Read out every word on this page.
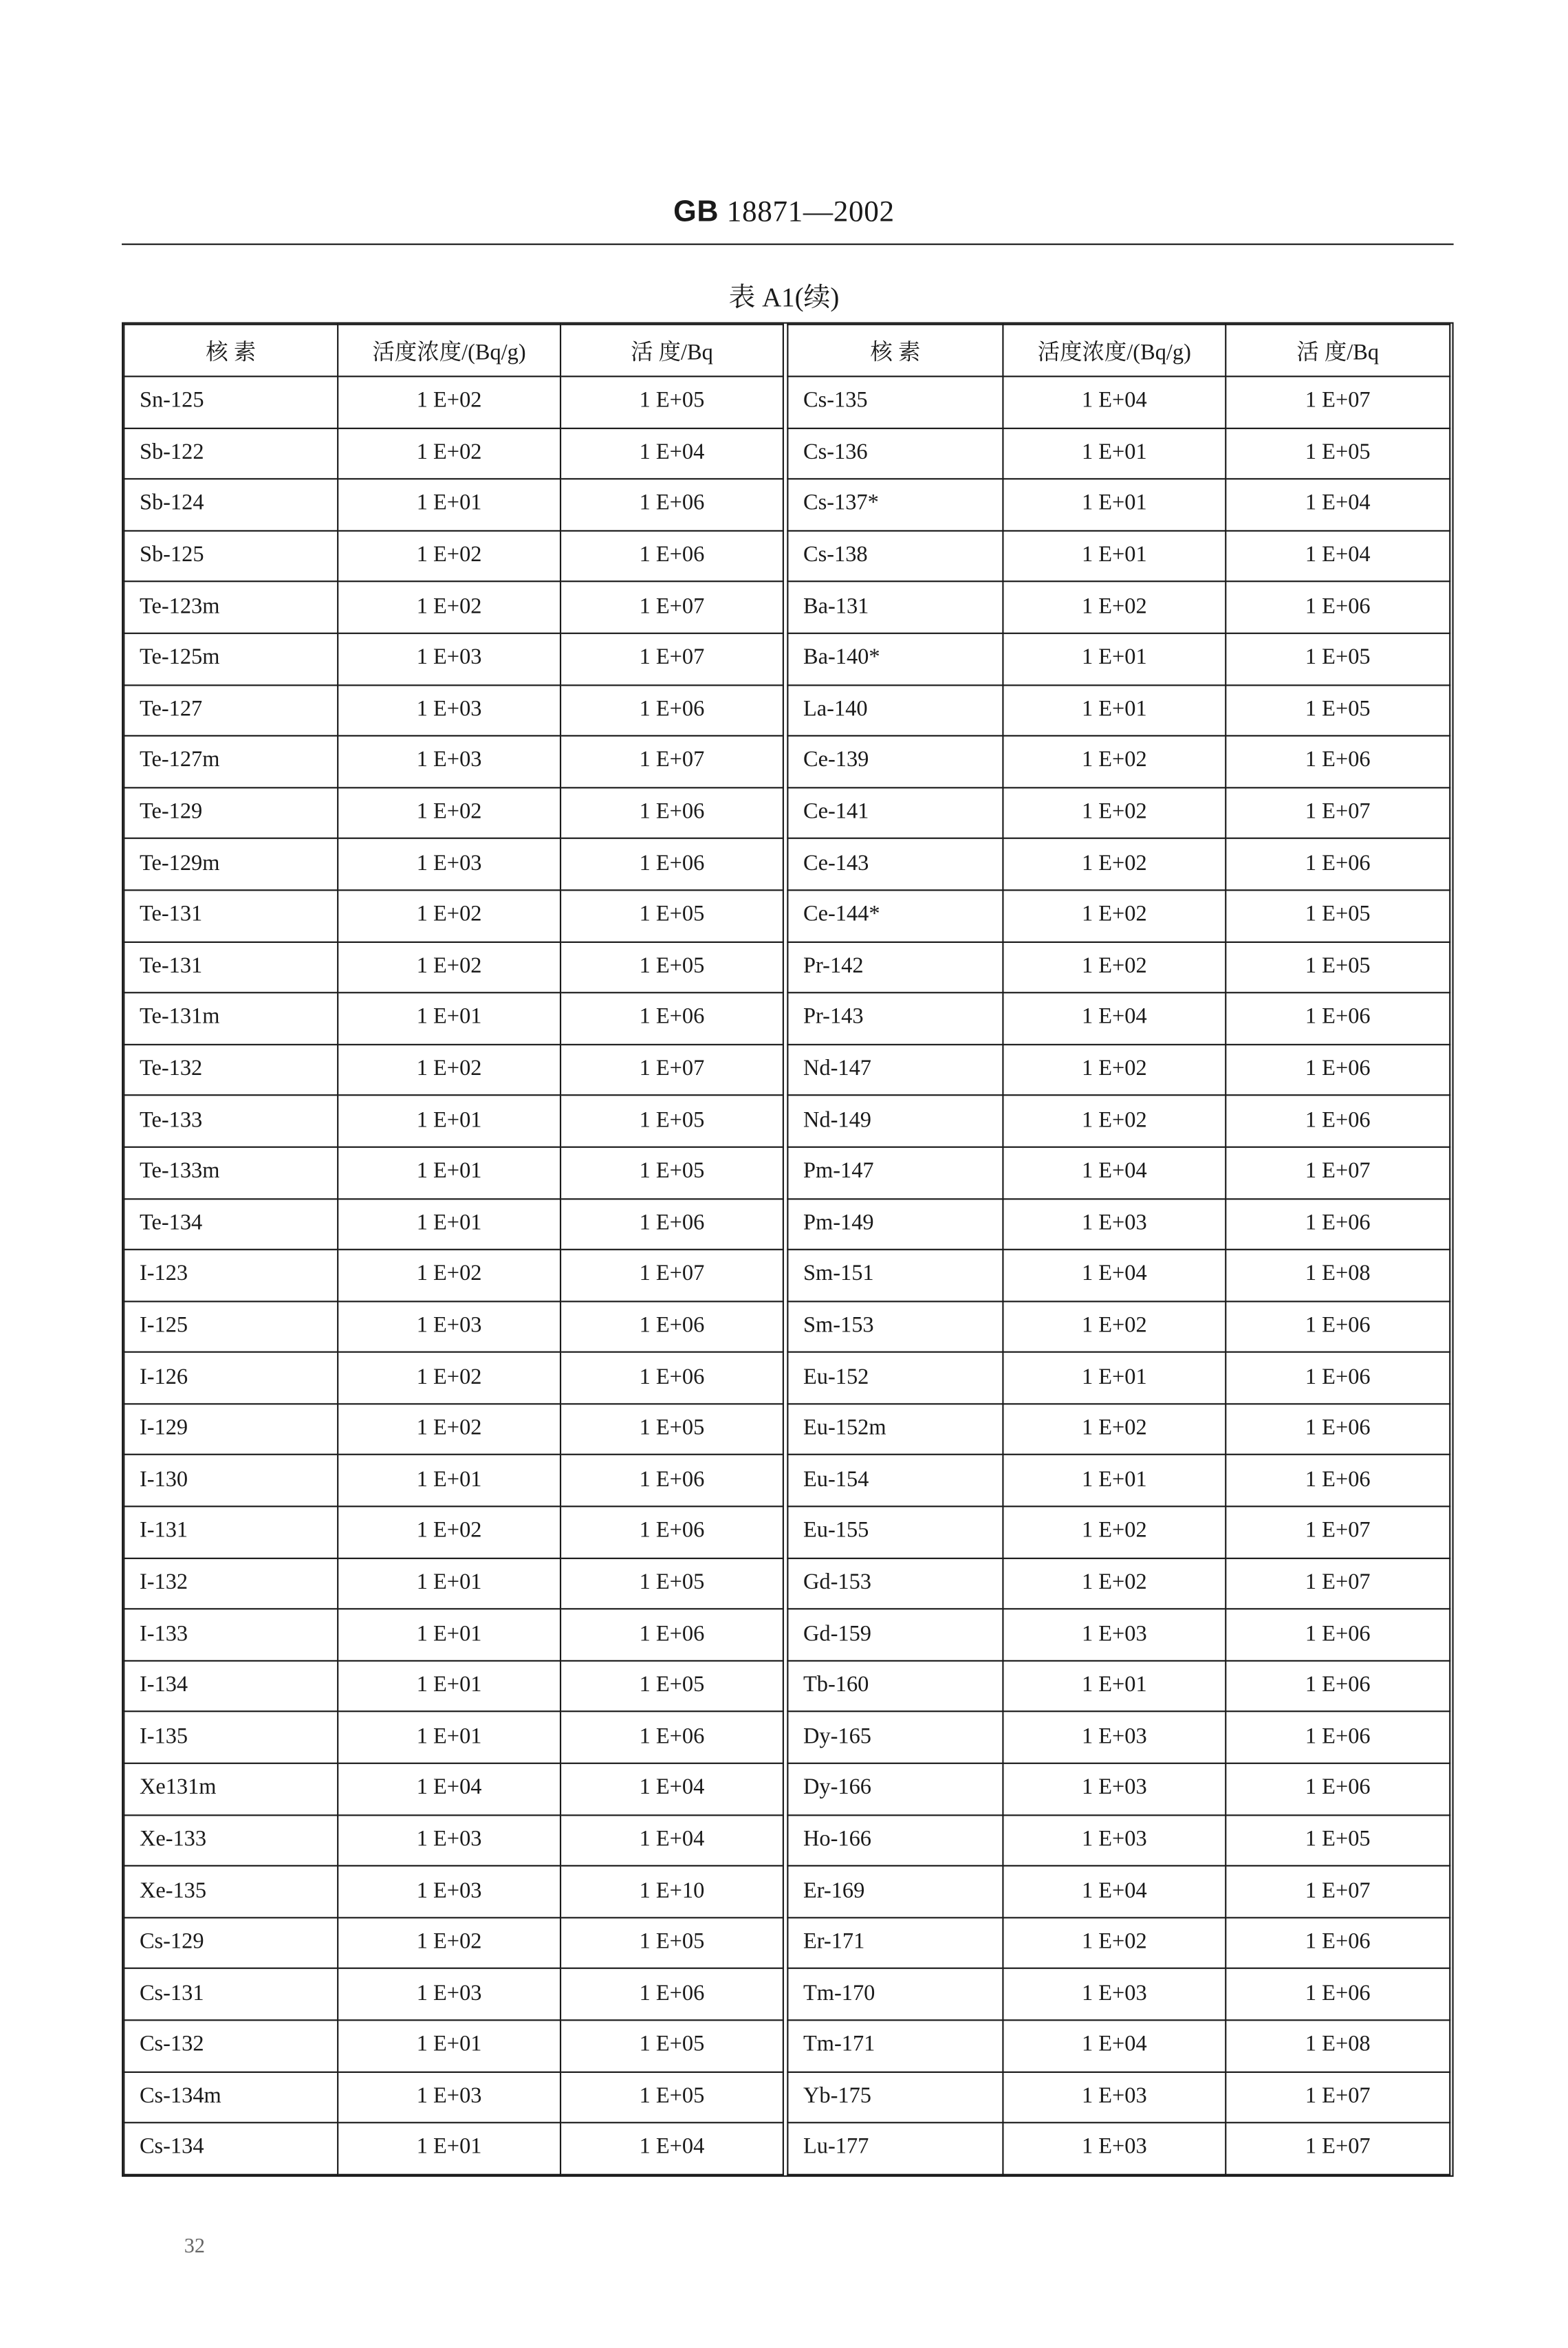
GB 18871—2002
表 A1(续)
核 素	活度浓度/(Bq/g)	活 度/Bq
Sn-125	1 E+02	1 E+05
Sb-122	1 E+02	1 E+04
Sb-124	1 E+01	1 E+06
Sb-125	1 E+02	1 E+06
Te-123m	1 E+02	1 E+07
Te-125m	1 E+03	1 E+07
Te-127	1 E+03	1 E+06
Te-127m	1 E+03	1 E+07
Te-129	1 E+02	1 E+06
Te-129m	1 E+03	1 E+06
Te-131	1 E+02	1 E+05
Te-131	1 E+02	1 E+05
Te-131m	1 E+01	1 E+06
Te-132	1 E+02	1 E+07
Te-133	1 E+01	1 E+05
Te-133m	1 E+01	1 E+05
Te-134	1 E+01	1 E+06
I-123	1 E+02	1 E+07
I-125	1 E+03	1 E+06
I-126	1 E+02	1 E+06
I-129	1 E+02	1 E+05
I-130	1 E+01	1 E+06
I-131	1 E+02	1 E+06
I-132	1 E+01	1 E+05
I-133	1 E+01	1 E+06
I-134	1 E+01	1 E+05
I-135	1 E+01	1 E+06
Xe131m	1 E+04	1 E+04
Xe-133	1 E+03	1 E+04
Xe-135	1 E+03	1 E+10
Cs-129	1 E+02	1 E+05
Cs-131	1 E+03	1 E+06
Cs-132	1 E+01	1 E+05
Cs-134m	1 E+03	1 E+05
Cs-134	1 E+01	1 E+04
核 素	活度浓度/(Bq/g)	活 度/Bq
Cs-135	1 E+04	1 E+07
Cs-136	1 E+01	1 E+05
Cs-137*	1 E+01	1 E+04
Cs-138	1 E+01	1 E+04
Ba-131	1 E+02	1 E+06
Ba-140*	1 E+01	1 E+05
La-140	1 E+01	1 E+05
Ce-139	1 E+02	1 E+06
Ce-141	1 E+02	1 E+07
Ce-143	1 E+02	1 E+06
Ce-144*	1 E+02	1 E+05
Pr-142	1 E+02	1 E+05
Pr-143	1 E+04	1 E+06
Nd-147	1 E+02	1 E+06
Nd-149	1 E+02	1 E+06
Pm-147	1 E+04	1 E+07
Pm-149	1 E+03	1 E+06
Sm-151	1 E+04	1 E+08
Sm-153	1 E+02	1 E+06
Eu-152	1 E+01	1 E+06
Eu-152m	1 E+02	1 E+06
Eu-154	1 E+01	1 E+06
Eu-155	1 E+02	1 E+07
Gd-153	1 E+02	1 E+07
Gd-159	1 E+03	1 E+06
Tb-160	1 E+01	1 E+06
Dy-165	1 E+03	1 E+06
Dy-166	1 E+03	1 E+06
Ho-166	1 E+03	1 E+05
Er-169	1 E+04	1 E+07
Er-171	1 E+02	1 E+06
Tm-170	1 E+03	1 E+06
Tm-171	1 E+04	1 E+08
Yb-175	1 E+03	1 E+07
Lu-177	1 E+03	1 E+07
32
